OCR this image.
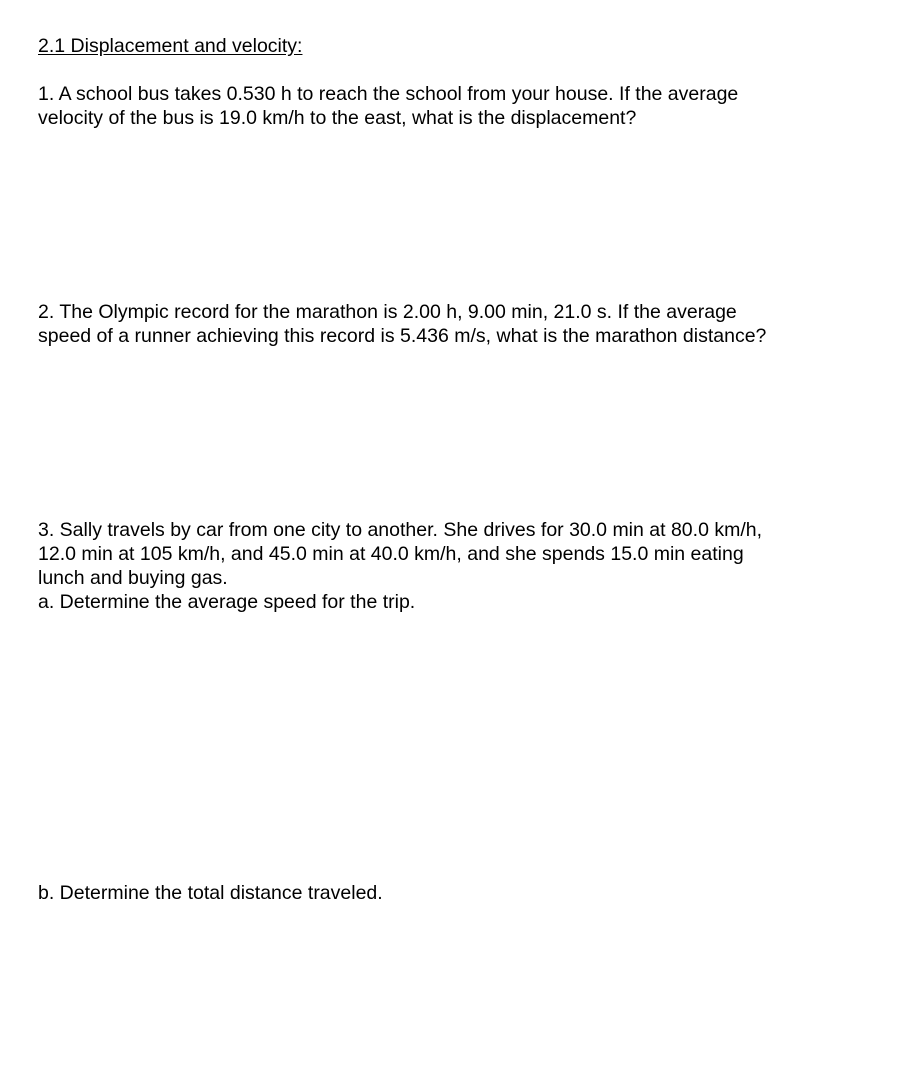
2.1 Displacement and velocity:
1. A school bus takes 0.530 h to reach the school from your house. If the average
velocity of the bus is 19.0 km/h to the east, what is the displacement?
2. The Olympic record for the marathon is 2.00 h, 9.00 min, 21.0 s. If the average
speed of a runner achieving this record is 5.436 m/s, what is the marathon distance?
3. Sally travels by car from one city to another. She drives for 30.0 min at 80.0 km/h,
12.0 min at 105 km/h, and 45.0 min at 40.0 km/h, and she spends 15.0 min eating
lunch and buying gas.
a. Determine the average speed for the trip.
b. Determine the total distance traveled.
